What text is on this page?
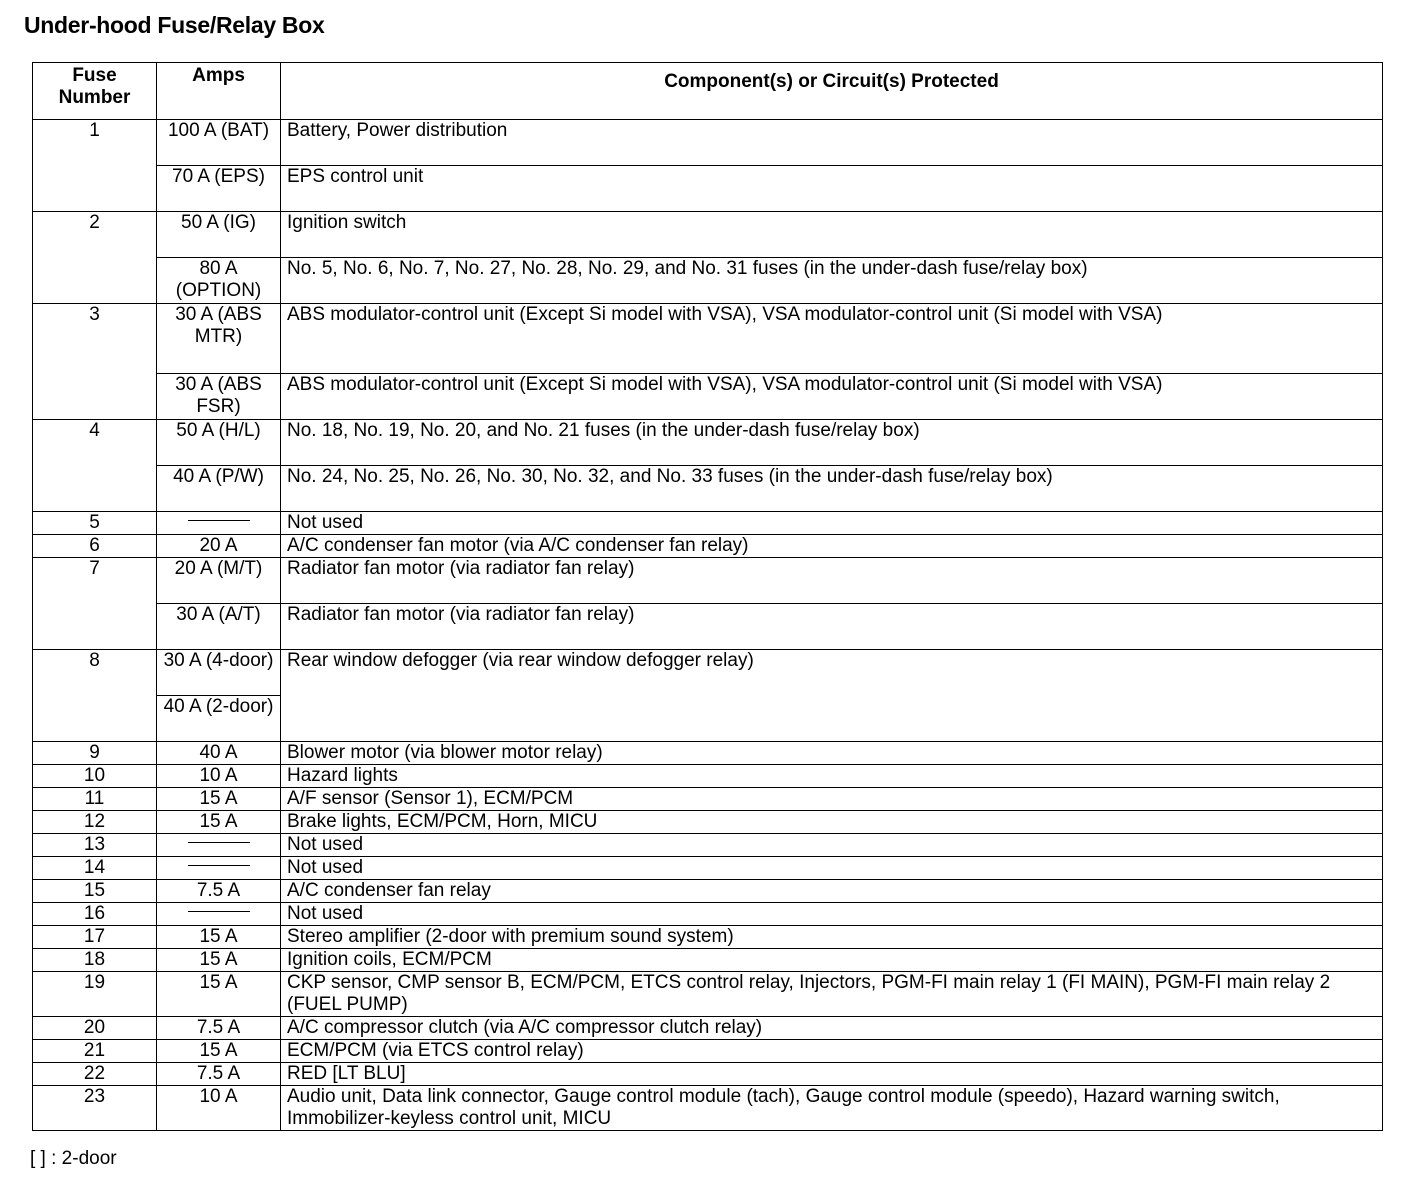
Under-hood Fuse/Relay Box
Fuse Number	Amps	Component(s) or Circuit(s) Protected
1	100 A (BAT)	Battery, Power distribution
	70 A (EPS)	EPS control unit
2	50 A (IG)	Ignition switch
	80 A (OPTION)	No. 5, No. 6, No. 7, No. 27, No. 28, No. 29, and No. 31 fuses (in the under-dash fuse/relay box)
3	30 A (ABS MTR)	ABS modulator-control unit (Except Si model with VSA), VSA modulator-control unit (Si model with VSA)
	30 A (ABS FSR)	ABS modulator-control unit (Except Si model with VSA), VSA modulator-control unit (Si model with VSA)
4	50 A (H/L)	No. 18, No. 19, No. 20, and No. 21 fuses (in the under-dash fuse/relay box)
	40 A (P/W)	No. 24, No. 25, No. 26, No. 30, No. 32, and No. 33 fuses (in the under-dash fuse/relay box)
5		Not used
6	20 A	A/C condenser fan motor (via A/C condenser fan relay)
7	20 A (M/T)	Radiator fan motor (via radiator fan relay)
	30 A (A/T)	Radiator fan motor (via radiator fan relay)
8	30 A (4-door)	Rear window defogger (via rear window defogger relay)
	40 A (2-door)	
9	40 A	Blower motor (via blower motor relay)
10	10 A	Hazard lights
11	15 A	A/F sensor (Sensor 1), ECM/PCM
12	15 A	Brake lights, ECM/PCM, Horn, MICU
13		Not used
14		Not used
15	7.5 A	A/C condenser fan relay
16		Not used
17	15 A	Stereo amplifier (2-door with premium sound system)
18	15 A	Ignition coils, ECM/PCM
19	15 A	CKP sensor, CMP sensor B, ECM/PCM, ETCS control relay, Injectors, PGM-FI main relay 1 (FI MAIN), PGM-FI main relay 2 (FUEL PUMP)
20	7.5 A	A/C compressor clutch (via A/C compressor clutch relay)
21	15 A	ECM/PCM (via ETCS control relay)
22	7.5 A	RED [LT BLU]
23	10 A	Audio unit, Data link connector, Gauge control module (tach), Gauge control module (speedo), Hazard warning switch, Immobilizer-keyless control unit, MICU
[ ] : 2-door
